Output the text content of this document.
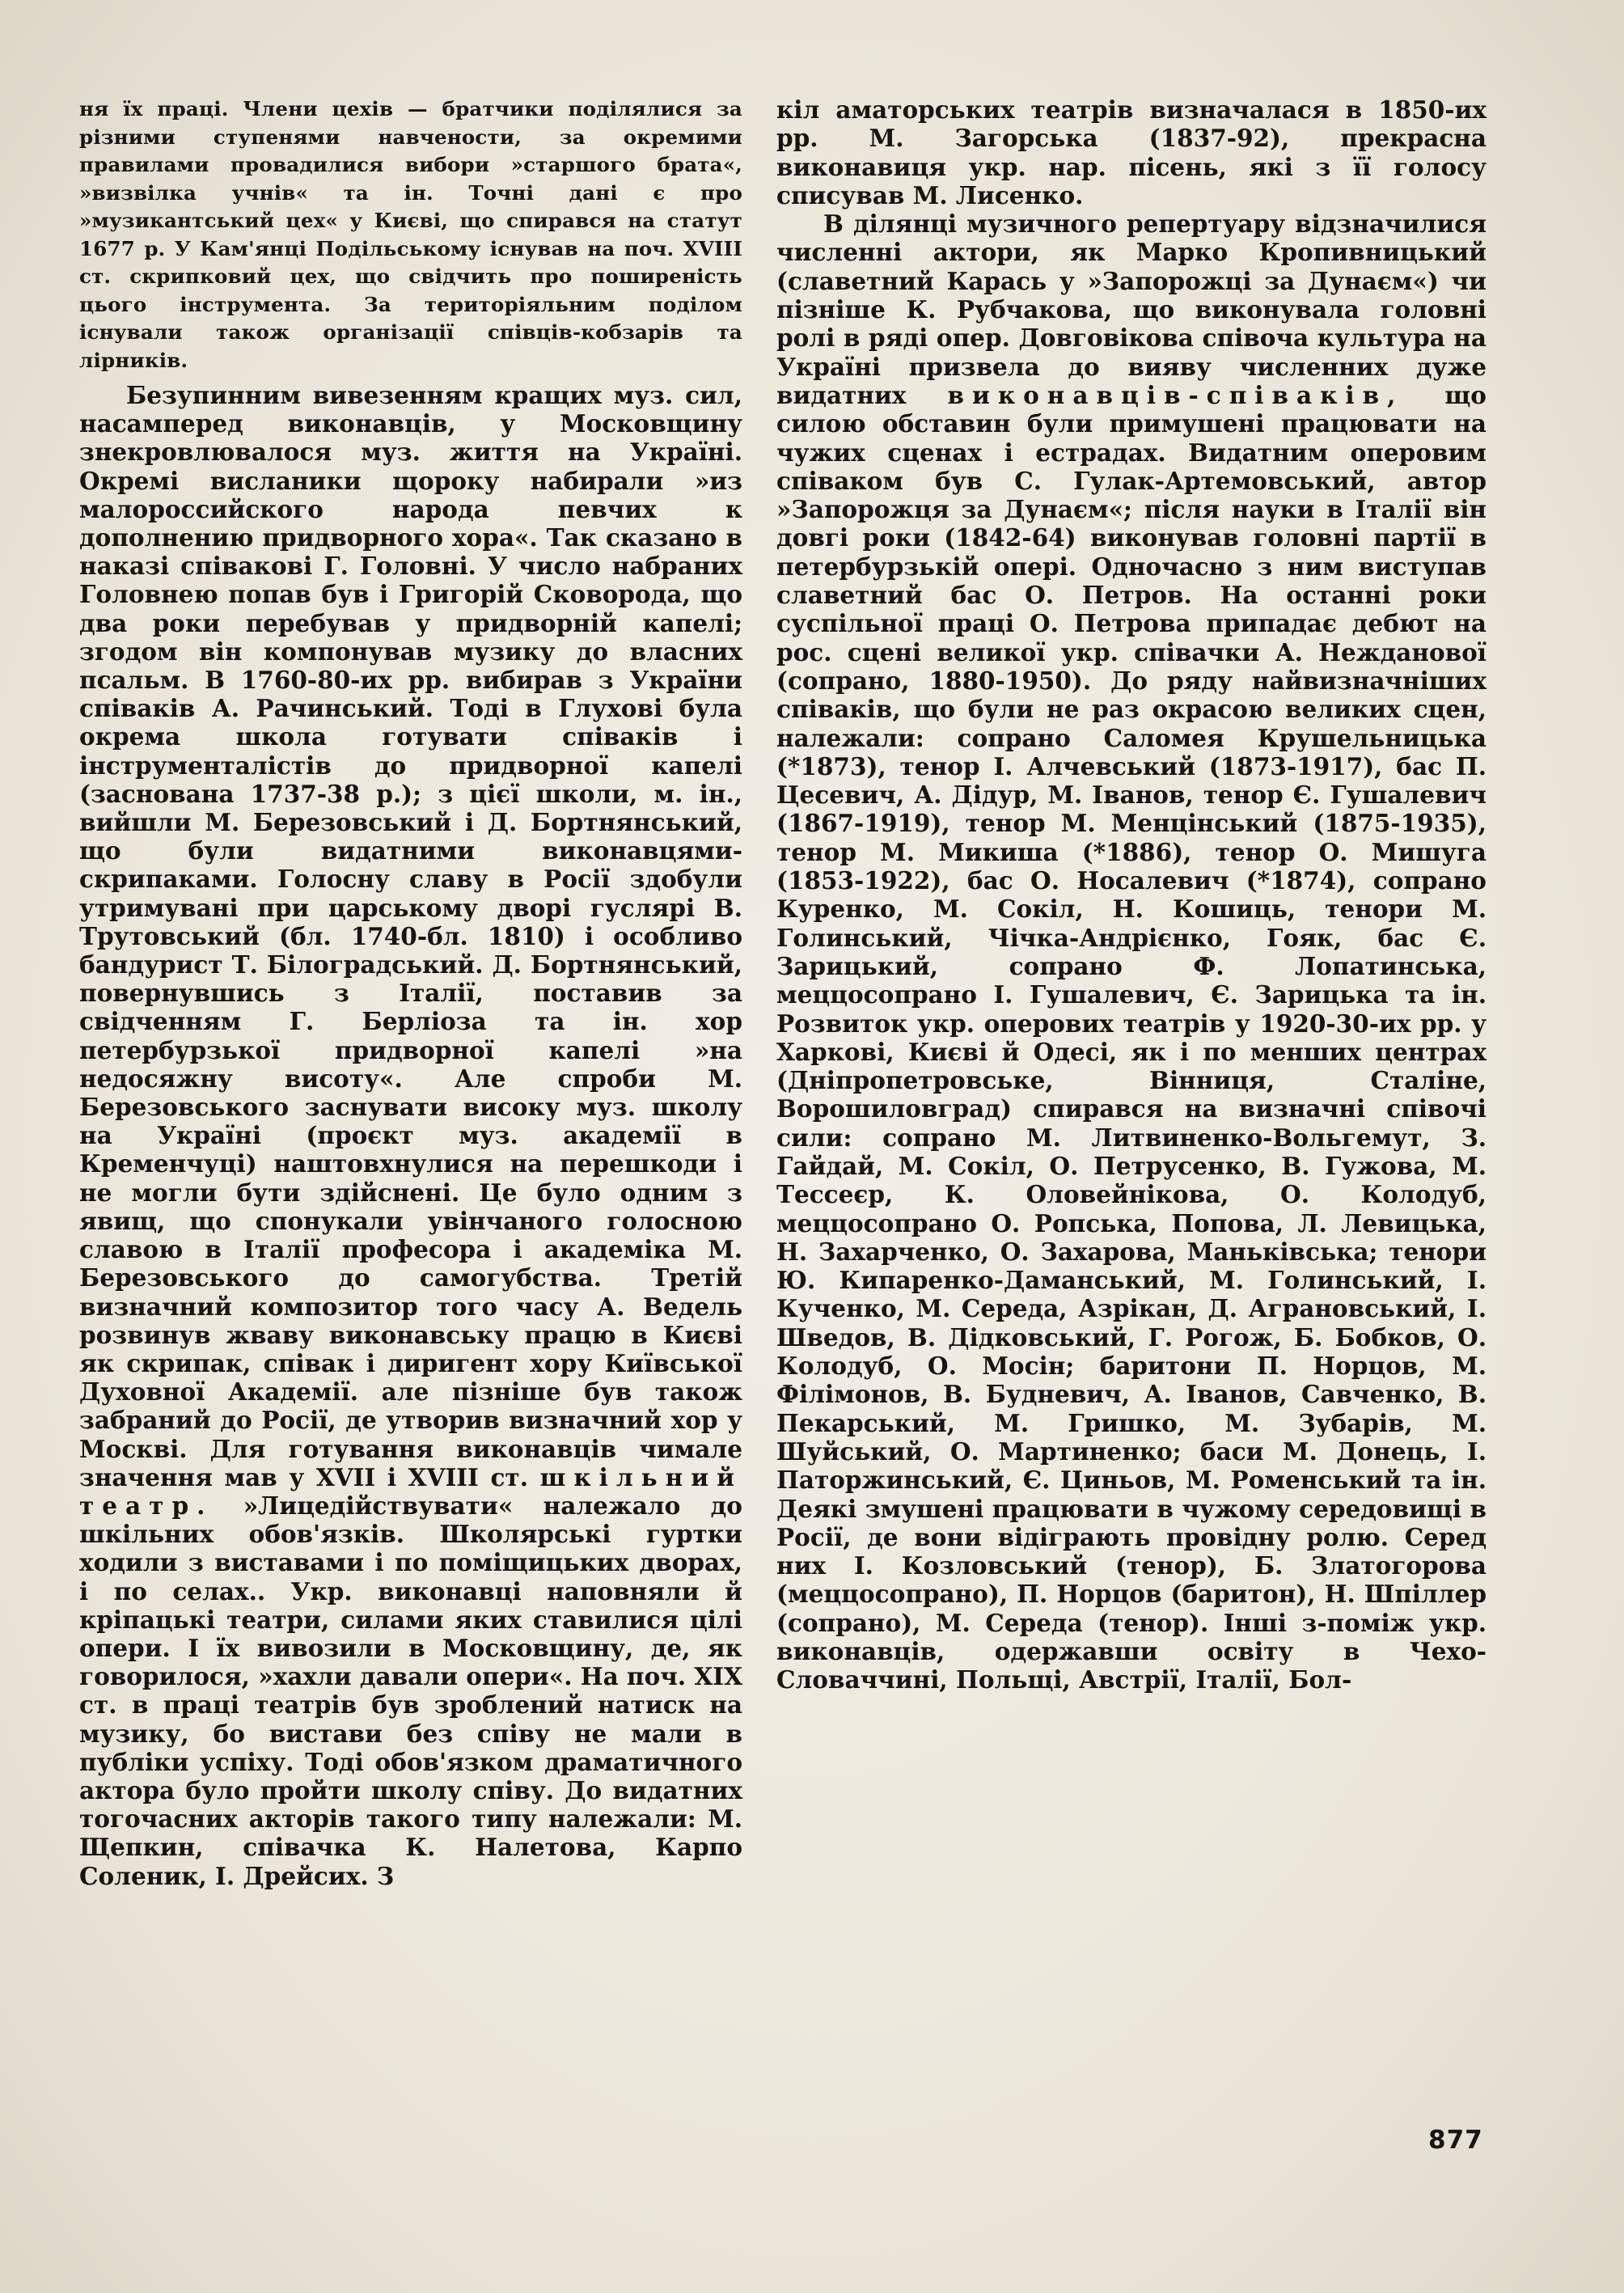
ня їх праці. Члени цехів — братчики поділялися за різними ступенями навчености, за окремими правилами провадилися вибори »старшого брата«, »визвілка учнів« та ін. Точні дані є про »музикантський цех« у Києві, що спирався на статут 1677 р. У Кам'янці Подільському існував на поч. XVIII ст. скрипковий цех, що свідчить про поширеність цього інструмента. За територіяльним поділом існували також організації співців-кобзарів та лірників.

Безупинним вивезенням кращих муз. сил, насамперед виконавців, у Московщину знекровлювалося муз. життя на Україні. Окремі висланики щороку набирали »из малороссийского народа певчих к дополнению придворного хора«. Так сказано в наказі співакові Г. Головні. У число набраних Головнею попав був і Григорій Сковорода, що два роки перебував у придворній капелі; згодом він компонував музику до власних псальм. В 1760-80-их рр. вибирав з України співаків А. Рачинський. Тоді в Глухові була окрема школа готувати співаків і інструменталістів до придворної капелі (заснована 1737-38 р.); з цієї школи, м. ін., вийшли М. Березовський і Д. Бортнянський, що були видатними виконавцями-скрипаками. Голосну славу в Росії здобули утримувані при царському дворі гуслярі В. Трутовський (бл. 1740-бл. 1810) і особливо бандурист Т. Білоградський. Д. Бортнянський, повернувшись з Італії, поставив за свідченням Г. Берліоза та ін. хор петербурзької придворної капелі »на недосяжну висоту«. Але спроби М. Березовського заснувати високу муз. школу на Україні (проєкт муз. академії в Кременчуці) наштовхнулися на перешкоди і не могли бути здійснені. Це було одним з явищ, що спонукали увінчаного голосною славою в Італії професора і академіка М. Березовського до самогубства. Третій визначний композитор того часу А. Ведель розвинув жваву виконавську працю в Києві як скрипак, співак і диригент хору Київської Духовної Академії. але пізніше був також забраний до Росії, де утворив визначний хор у Москві. Для готування виконавців чимале значення мав у XVII і XVIII ст. шкільний театр. »Лицедійствувати« належало до шкільних обов'язків. Школярські гуртки ходили з виставами і по поміщицьких дворах, і по селах.. Укр. виконавці наповняли й кріпацькі театри, силами яких ставилися цілі опери. І їх вивозили в Московщину, де, як говорилося, »хахли давали опери«. На поч. XIX ст. в праці театрів був зроблений натиск на музику, бо вистави без співу не мали в публіки успіху. Тоді обов'язком драматичного актора було пройти школу співу. До видатних тогочасних акторів такого типу належали: М. Щепкин, співачка К. Налетова, Карпо Соленик, І. Дрейсих. З

кіл аматорських театрів визначалася в 1850-их рр. М. Загорська (1837-92), прекрасна виконавиця укр. нар. пісень, які з її голосу списував М. Лисенко.

В ділянці музичного репертуару відзначилися численні актори, як Марко Кропивницький (славетний Карась у »Запорожці за Дунаєм«) чи пізніше К. Рубчакова, що виконувала головні ролі в ряді опер. Довговікова співоча культура на Україні призвела до вияву численних дуже видатних виконавців-співаків, що силою обставин були примушені працювати на чужих сценах і естрадах. Видатним оперовим співаком був С. Гулак-Артемовський, автор »Запорожця за Дунаєм«; після науки в Італії він довгі роки (1842-64) виконував головні партії в петербурзькій опері. Одночасно з ним виступав славетний бас О. Петров. На останні роки суспільної праці О. Петрова припадає дебют на рос. сцені великої укр. співачки А. Нежданової (сопрано, 1880-1950). До ряду найвизначніших співаків, що були не раз окрасою великих сцен, належали: сопрано Саломея Крушельницька (*1873), тенор І. Алчевський (1873-1917), бас П. Цесевич, А. Дідур, М. Іванов, тенор Є. Гушалевич (1867-1919), тенор М. Менцінський (1875-1935), тенор М. Микиша (*1886), тенор О. Мишуга (1853-1922), бас О. Носалевич (*1874), сопрано Куренко, М. Сокіл, Н. Кошиць, тенори М. Голинський, Чічка-Андрієнко, Гояк, бас Є. Зарицький, сопрано Ф. Лопатинська, меццосопрано І. Гушалевич, Є. Зарицька та ін. Розвиток укр. оперових театрів у 1920-30-их рр. у Харкові, Києві й Одесі, як і по менших центрах (Дніпропетровське, Вінниця, Сталіне, Ворошиловград) спирався на визначні співочі сили: сопрано М. Литвиненко-Вольгемут, З. Гайдай, М. Сокіл, О. Петрусенко, В. Гужова, М. Тессеєр, К. Оловейнікова, О. Колодуб, меццосопрано О. Ропська, Попова, Л. Левицька, Н. Захарченко, О. Захарова, Маньківська; тенори Ю. Кипаренко-Даманський, М. Голинський, І. Кученко, М. Середа, Азрікан, Д. Аграновський, І. Шведов, В. Дідковський, Г. Рогож, Б. Бобков, О. Колодуб, О. Мосін; баритони П. Норцов, М. Філімонов, В. Будневич, А. Іванов, Савченко, В. Пекарський, М. Гришко, М. Зубарів, М. Шуйський, О. Мартиненко; баси М. Донець, І. Паторжинський, Є. Циньов, М. Роменський та ін. Деякі змушені працювати в чужому середовищі в Росії, де вони відіграють провідну ролю. Серед них І. Козловський (тенор), Б. Златогорова (меццосопрано), П. Норцов (баритон), Н. Шпіллер (сопрано), М. Середа (тенор). Інші з-поміж укр. виконавців, одержавши освіту в Чехо-Словаччині, Польщі, Австрії, Італії, Бол-

877
